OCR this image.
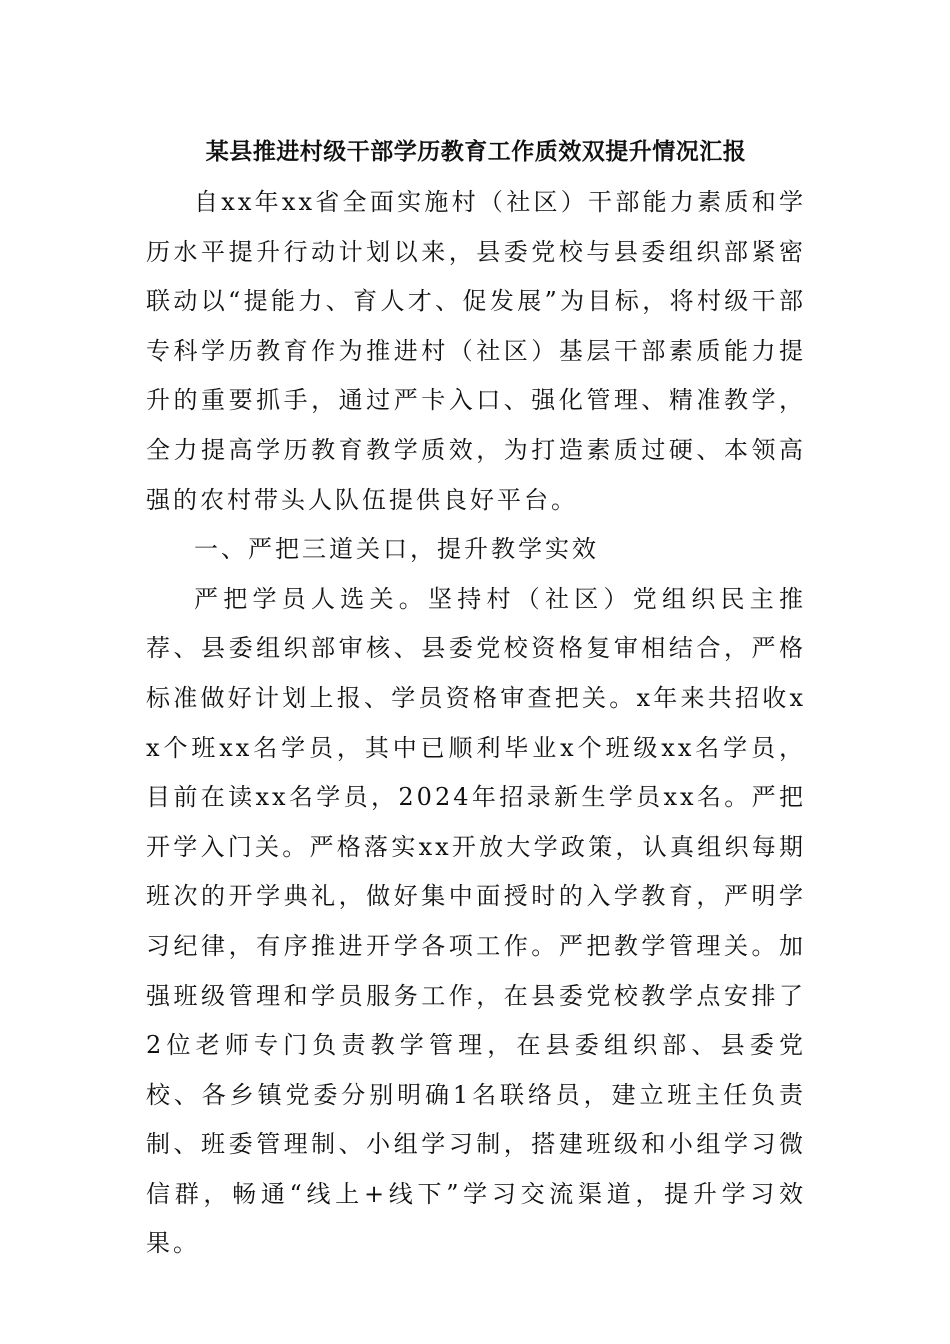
某县推进村级干部学历教育工作质效双提升情况汇报

自xx年xx省全面实施村（社区）干部能力素质和学历水平提升行动计划以来，县委党校与县委组织部紧密联动以“提能力、育人才、促发展”为目标，将村级干部专科学历教育作为推进村（社区）基层干部素质能力提升的重要抓手，通过严卡入口、强化管理、精准教学，全力提高学历教育教学质效，为打造素质过硬、本领高强的农村带头人队伍提供良好平台。

一、严把三道关口，提升教学实效

严把学员人选关。坚持村（社区）党组织民主推荐、县委组织部审核、县委党校资格复审相结合，严格标准做好计划上报、学员资格审查把关。x年来共招收xx个班xx名学员，其中已顺利毕业x个班级xx名学员，目前在读xx名学员，2024年招录新生学员xx名。严把开学入门关。严格落实xx开放大学政策，认真组织每期班次的开学典礼，做好集中面授时的入学教育，严明学习纪律，有序推进开学各项工作。严把教学管理关。加强班级管理和学员服务工作，在县委党校教学点安排了2位老师专门负责教学管理，在县委组织部、县委党校、各乡镇党委分别明确1名联络员，建立班主任负责制、班委管理制、小组学习制，搭建班级和小组学习微信群，畅通“线上+线下”学习交流渠道，提升学习效果。
